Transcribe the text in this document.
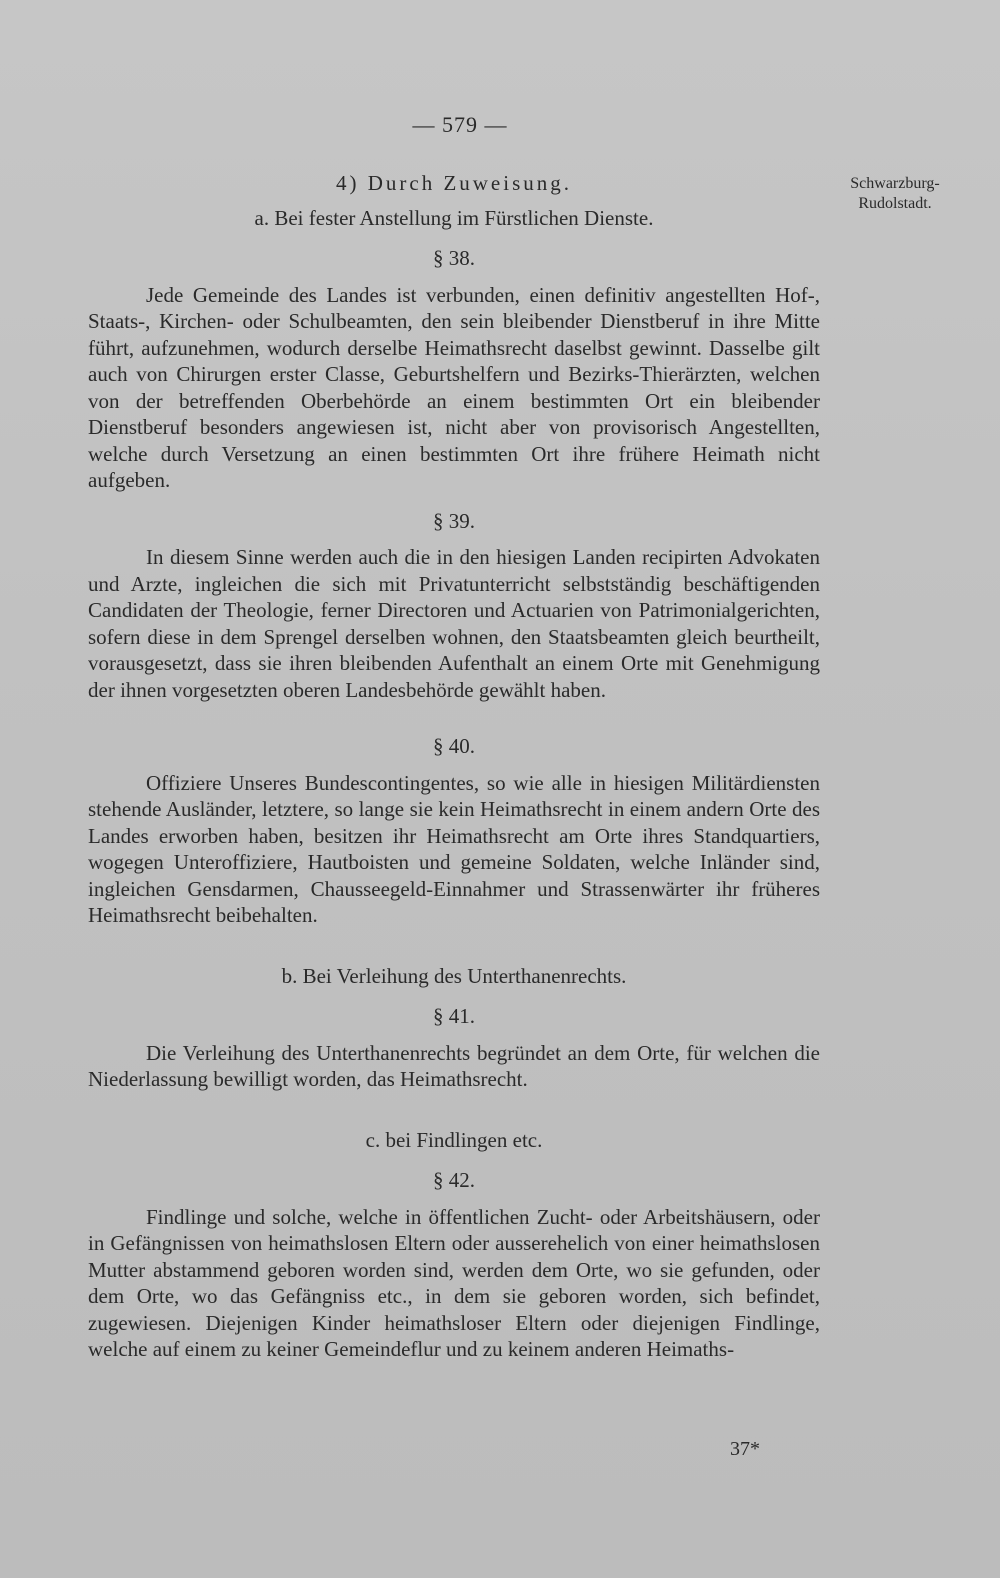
— 579 —
Schwarzburg-
Rudolstadt.
4) Durch Zuweisung.
a. Bei fester Anstellung im Fürstlichen Dienste.
§ 38.

Jede Gemeinde des Landes ist verbunden, einen definitiv angestellten Hof-, Staats-, Kirchen- oder Schulbeamten, den sein bleibender Dienstberuf in ihre Mitte führt, aufzunehmen, wodurch derselbe Heimathsrecht daselbst gewinnt. Dasselbe gilt auch von Chirurgen erster Classe, Geburtshelfern und Bezirks-Thierärzten, welchen von der betreffenden Oberbehörde an einem bestimmten Ort ein bleibender Dienstberuf besonders angewiesen ist, nicht aber von provisorisch Angestellten, welche durch Versetzung an einen bestimmten Ort ihre frühere Heimath nicht aufgeben.

§ 39.

In diesem Sinne werden auch die in den hiesigen Landen recipirten Advokaten und Arzte, ingleichen die sich mit Privatunterricht selbstständig beschäftigenden Candidaten der Theologie, ferner Directoren und Actuarien von Patrimonialgerichten, sofern diese in dem Sprengel derselben wohnen, den Staatsbeamten gleich beurtheilt, vorausgesetzt, dass sie ihren bleibenden Aufenthalt an einem Orte mit Genehmigung der ihnen vorgesetzten oberen Landesbehörde gewählt haben.

§ 40.

Offiziere Unseres Bundescontingentes, so wie alle in hiesigen Militärdiensten stehende Ausländer, letztere, so lange sie kein Heimathsrecht in einem andern Orte des Landes erworben haben, besitzen ihr Heimathsrecht am Orte ihres Standquartiers, wogegen Unteroffiziere, Hautboisten und gemeine Soldaten, welche Inländer sind, ingleichen Gensdarmen, Chausseegeld-Einnahmer und Strassenwärter ihr früheres Heimathsrecht beibehalten.

b. Bei Verleihung des Unterthanenrechts.
§ 41.

Die Verleihung des Unterthanenrechts begründet an dem Orte, für welchen die Niederlassung bewilligt worden, das Heimathsrecht.

c. bei Findlingen etc.
§ 42.

Findlinge und solche, welche in öffentlichen Zucht- oder Arbeitshäusern, oder in Gefängnissen von heimathslosen Eltern oder ausserehelich von einer heimathslosen Mutter abstammend geboren worden sind, werden dem Orte, wo sie gefunden, oder dem Orte, wo das Gefängniss etc., in dem sie geboren worden, sich befindet, zugewiesen. Diejenigen Kinder heimathsloser Eltern oder diejenigen Findlinge, welche auf einem zu keiner Gemeindeflur und zu keinem anderen Heimaths-

37*
